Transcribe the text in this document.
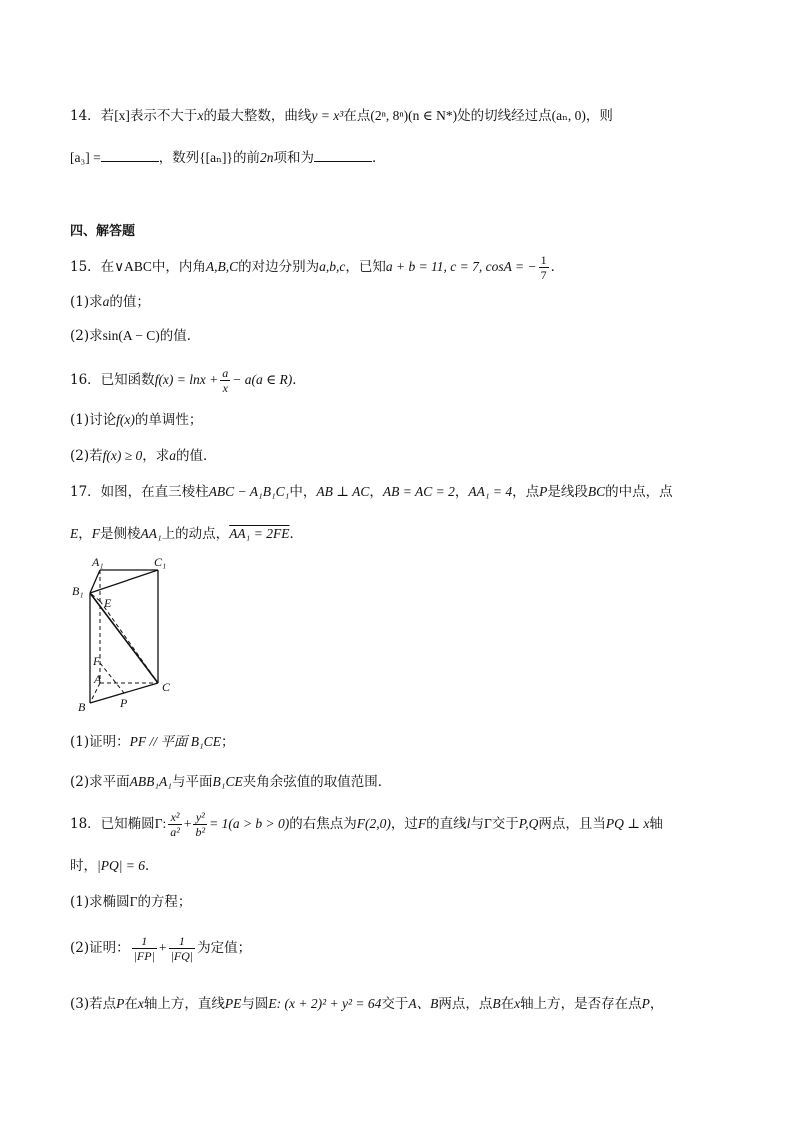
14．若[x]表示不大于x的最大整数，曲线y = x³在点(2ⁿ, 8ⁿ)(n ∈ N*)处的切线经过点(aₙ, 0)，则
[a₃] =	，数列{[aₙ]}的前2n项和为	．
四、解答题
15．在∨ABC中，内角A,B,C的对边分别为a,b,c，已知a + b = 11, c = 7, cosA = − $\frac{1}{7}$ ．
(1)求a的值；
(2)求sin(A − C)的值．
16．已知函数$f(x) = \ln x + \frac{a}{x} - a(a$ ∈ R)．
(1)讨论f(x)的单调性；
(2)若f(x) ≥ 0，求a的值．
17．如图，在直三棱柱ABC − A₁B₁C₁中，AB ⊥ AC，AB = AC = 2，AA₁ = 4，点P是线段BC的中点，点
E，F是侧棱AA₁上的动点，AA₁ = 2FE．
A₁	C₁
B₁
E
F
A
C
B	P
(1)证明：PF // 平面 B₁CE；
(2)求平面ABB₁A₁与平面B₁CE夹角余弦值的取值范围．
18．已知椭圆Γ: $\frac{\text{x²}}{\text{a²}} + \frac{\text{y²}}{\text{b²}} = 1(a > b > 0)$的右焦点为F(2,0)，过F的直线l与Γ交于P,Q两点，且当PQ ⊥ x轴
时，|PQ| = 6．
(1)求椭圆Γ的方程；
(2)证明： $\frac{1}{|FP|} + \frac{1}{|FQ|}$ 为定值；
(3)若点P在x轴上方，直线PE与圆E: (x + 2)² + y² = 64交于A、B两点，点B在x轴上方，是否存在点P，
